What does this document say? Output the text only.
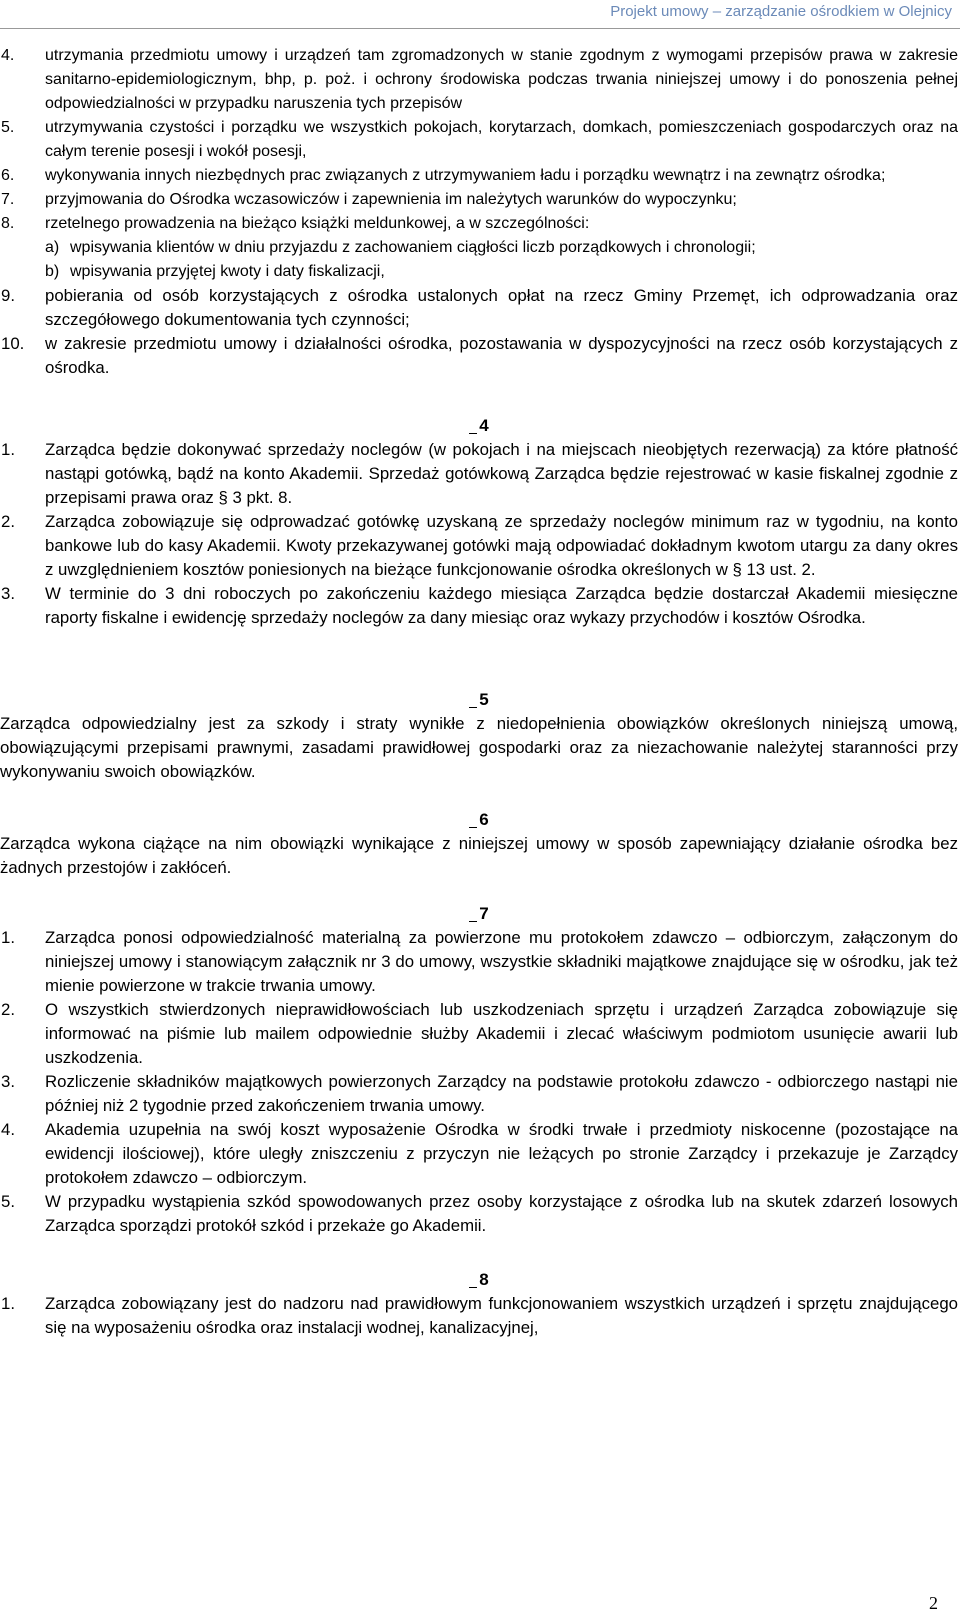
Projekt umowy – zarządzanie ośrodkiem w Olejnicy
4. utrzymania przedmiotu umowy i urządzeń tam zgromadzonych w stanie zgodnym z wymogami przepisów prawa w zakresie sanitarno-epidemiologicznym, bhp, p. poż. i ochrony środowiska podczas trwania niniejszej umowy i do ponoszenia pełnej odpowiedzialności w przypadku naruszenia tych przepisów
5. utrzymywania czystości i porządku we wszystkich pokojach, korytarzach, domkach, pomieszczeniach gospodarczych oraz na całym terenie posesji i wokół posesji,
6. wykonywania innych niezbędnych prac związanych z utrzymywaniem ładu i porządku wewnątrz i na zewnątrz ośrodka;
7. przyjmowania do Ośrodka wczasowiczów i zapewnienia im należytych warunków do wypoczynku;
8. rzetelnego prowadzenia na bieżąco książki meldunkowej, a w szczególności:
a) wpisywania klientów w dniu przyjazdu z zachowaniem ciągłości liczb porządkowych i chronologii;
b) wpisywania przyjętej kwoty i daty fiskalizacji,
9. pobierania od osób korzystających z ośrodka ustalonych opłat na rzecz Gminy Przemęt, ich odprowadzania oraz szczegółowego dokumentowania tych czynności;
10. w zakresie przedmiotu umowy i działalności ośrodka, pozostawania w dyspozycyjności na rzecz osób korzystających z ośrodka.
4
1. Zarządca będzie dokonywać sprzedaży noclegów (w pokojach i na miejscach nieobjętych rezerwacją) za które płatność nastąpi gotówką, bądź na konto Akademii. Sprzedaż gotówkową Zarządca będzie rejestrować w kasie fiskalnej zgodnie z przepisami prawa oraz § 3 pkt. 8.
2. Zarządca zobowiązuje się odprowadzać gotówkę uzyskaną ze sprzedaży noclegów minimum raz w tygodniu, na konto bankowe lub do kasy Akademii. Kwoty przekazywanej gotówki mają odpowiadać dokładnym kwotom utargu za dany okres z uwzględnieniem kosztów poniesionych na bieżące funkcjonowanie ośrodka określonych w § 13 ust. 2.
3. W terminie do 3 dni roboczych po zakończeniu każdego miesiąca Zarządca będzie dostarczał Akademii miesięczne raporty fiskalne i ewidencję sprzedaży noclegów za dany miesiąc oraz wykazy przychodów i kosztów Ośrodka.
5

Zarządca odpowiedzialny jest za szkody i straty wynikłe z niedopełnienia obowiązków określonych niniejszą umową, obowiązującymi przepisami prawnymi, zasadami prawidłowej gospodarki oraz za niezachowanie należytej staranności przy wykonywaniu swoich obowiązków.

6

Zarządca wykona ciążące na nim obowiązki wynikające z niniejszej umowy w sposób zapewniający działanie ośrodka bez żadnych przestojów i zakłóceń.

7
1. Zarządca ponosi odpowiedzialność materialną za powierzone mu protokołem zdawczo – odbiorczym, załączonym do niniejszej umowy i stanowiącym załącznik nr 3 do umowy, wszystkie składniki majątkowe znajdujące się w ośrodku, jak też mienie powierzone w trakcie trwania umowy.
2. O wszystkich stwierdzonych nieprawidłowościach lub uszkodzeniach sprzętu i urządzeń Zarządca zobowiązuje się informować na piśmie lub mailem odpowiednie służby Akademii i zlecać właściwym podmiotom usunięcie awarii lub uszkodzenia.
3. Rozliczenie składników majątkowych powierzonych Zarządcy na podstawie protokołu zdawczo - odbiorczego nastąpi nie później niż 2 tygodnie przed zakończeniem trwania umowy.
4. Akademia uzupełnia na swój koszt wyposażenie Ośrodka w środki trwałe i przedmioty niskocenne (pozostające na ewidencji ilościowej), które uległy zniszczeniu z przyczyn nie leżących po stronie Zarządcy i przekazuje je Zarządcy protokołem zdawczo – odbiorczym.
5. W przypadku wystąpienia szkód spowodowanych przez osoby korzystające z ośrodka lub na skutek zdarzeń losowych Zarządca sporządzi protokół szkód i przekaże go Akademii.
8
1. Zarządca zobowiązany jest do nadzoru nad prawidłowym funkcjonowaniem wszystkich urządzeń i sprzętu znajdującego się na wyposażeniu ośrodka oraz instalacji wodnej, kanalizacyjnej,
2
